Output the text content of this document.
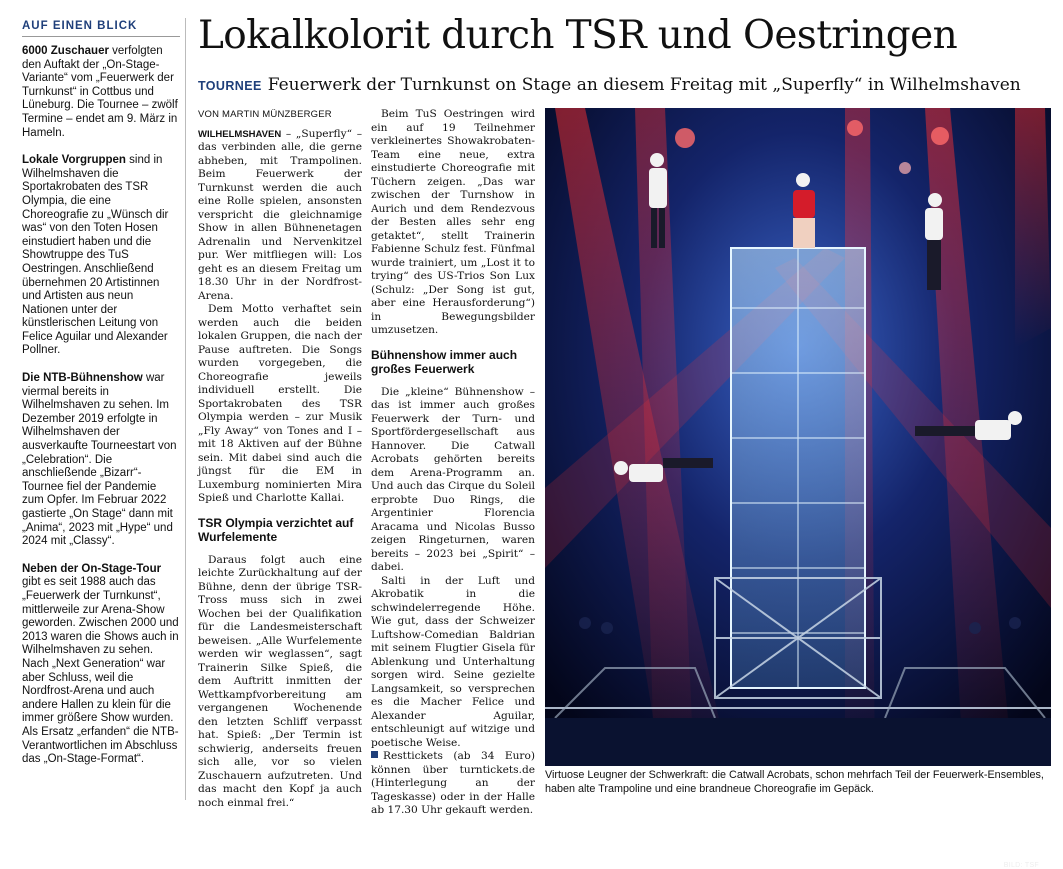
AUF EINEN BLICK

6000 Zuschauer verfolgten den Auftakt der „On-Stage-Variante“ vom „Feuerwerk der Turnkunst“ in Cottbus und Lüneburg. Die Tournee – zwölf Termine – endet am 9. März in Hameln.

Lokale Vorgruppen sind in Wilhelmshaven die Sportakrobaten des TSR Olympia, die eine Choreografie zu „Wünsch dir was“ von den Toten Hosen einstudiert haben und die Showtruppe des TuS Oestringen. Anschließend übernehmen 20 Artistinnen und Artisten aus neun Nationen unter der künstlerischen Leitung von Felice Aguilar und Alexander Pollner.

Die NTB-Bühnenshow war viermal bereits in Wilhelmshaven zu sehen. Im Dezember 2019 erfolgte in Wilhelmshaven der ausverkaufte Tourneestart von „Celebration“. Die anschließende „Bizarr“-Tournee fiel der Pandemie zum Opfer. Im Februar 2022 gastierte „On Stage“ dann mit „Anima“, 2023 mit „Hype“ und 2024 mit „Classy“.

Neben der On-Stage-Tour gibt es seit 1988 auch das „Feuerwerk der Turnkunst“, mittlerweile zur Arena-Show geworden. Zwischen 2000 und 2013 waren die Shows auch in Wilhelmshaven zu sehen. Nach „Next Generation“ war aber Schluss, weil die Nordfrost-Arena und auch andere Hallen zu klein für die immer größere Show wurden. Als Ersatz „erfanden“ die NTB-Verantwortlichen im Abschluss das „On-Stage-Format“.

Lokalkolorit durch TSR und Oestringen
TOURNEE Feuerwerk der Turnkunst on Stage an diesem Freitag mit „Superfly“ in Wilhelmshaven
VON MARTIN MÜNZBERGER

WILHELMSHAVEN – „Superfly“ – das verbinden alle, die gerne abheben, mit Trampolinen. Beim Feuerwerk der Turnkunst werden die auch eine Rolle spielen, ansonsten verspricht die gleichnamige Show in allen Bühnenetagen Adrenalin und Nervenkitzel pur. Wer mitfliegen will: Los geht es an diesem Freitag um 18.30 Uhr in der Nordfrost-Arena.

Dem Motto verhaftet sein werden auch die beiden lokalen Gruppen, die nach der Pause auftreten. Die Songs wurden vorgegeben, die Choreografie jeweils individuell erstellt. Die Sportakrobaten des TSR Olympia werden – zur Musik „Fly Away“ von Tones and I – mit 18 Aktiven auf der Bühne sein. Mit dabei sind auch die jüngst für die EM in Luxemburg nominierten Mira Spieß und Charlotte Kallai.

TSR Olympia verzichtet auf Wurfelemente

Daraus folgt auch eine leichte Zurückhaltung auf der Bühne, denn der übrige TSR-Tross muss sich in zwei Wochen bei der Qualifikation für die Landesmeisterschaft beweisen. „Alle Wurfelemente werden wir weglassen“, sagt Trainerin Silke Spieß, die dem Auftritt inmitten der Wettkampfvorbereitung am vergangenen Wochenende den letzten Schliff verpasst hat. Spieß: „Der Termin ist schwierig, anderseits freuen sich alle, vor so vielen Zuschauern aufzutreten. Und das macht den Kopf ja auch noch einmal frei.“

Beim TuS Oestringen wird ein auf 19 Teilnehmer verkleinertes Showakrobaten-Team eine neue, extra einstudierte Choreografie mit Tüchern zeigen. „Das war zwischen der Turnshow in Aurich und dem Rendezvous der Besten alles sehr eng getaktet“, stellt Trainerin Fabienne Schulz fest. Fünfmal wurde trainiert, um „Lost it to trying“ des US-Trios Son Lux (Schulz: „Der Song ist gut, aber eine Herausforderung“) in Bewegungsbilder umzusetzen.

Bühnenshow immer auch großes Feuerwerk

Die „kleine“ Bühnenshow – das ist immer auch großes Feuerwerk der Turn- und Sportfördergesellschaft aus Hannover. Die Catwall Acrobats gehörten bereits dem Arena-Programm an. Und auch das Cirque du Soleil erprobte Duo Rings, die Argentinier Florencia Aracama und Nicolas Busso zeigen Ringeturnen, waren bereits – 2023 bei „Spirit“ – dabei.

Salti in der Luft und Akrobatik in die schwindelerregende Höhe. Wie gut, dass der Schweizer Luftshow-Comedian Baldrian mit seinem Flugtier Gisela für Ablenkung und Unterhaltung sorgen wird. Seine gezielte Langsamkeit, so versprechen es die Macher Felice und Alexander Aguilar, entschleunigt auf witzige und poetische Weise.

Resttickets (ab 34 Euro) können über turntickets.de (Hinterlegung an der Tageskasse) oder in der Halle ab 17.30 Uhr gekauft werden.

BILD: TSF
Virtuose Leugner der Schwerkraft: die Catwall Acrobats, schon mehrfach Teil der Feuerwerk-Ensembles, haben alte Trampoline und eine brandneue Choreografie im Gepäck.
